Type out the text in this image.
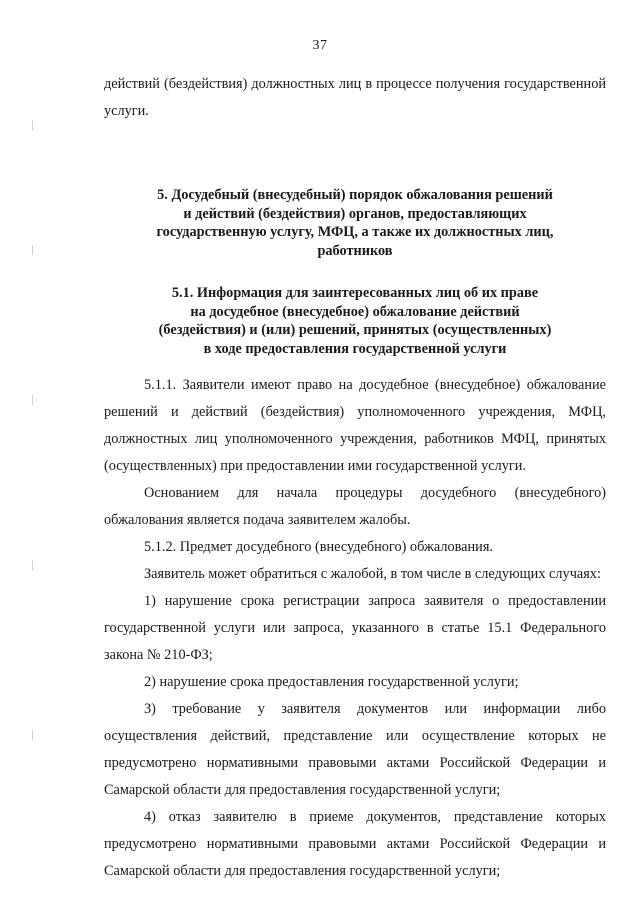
37

действий (бездействия) должностных лиц в процессе получения государственной услуги.

5. Досудебный (внесудебный) порядок обжалования решений
и действий (бездействия) органов, предоставляющих
государственную услугу, МФЦ, а также их должностных лиц,
работников
5.1. Информация для заинтересованных лиц об их праве
на досудебное (внесудебное) обжалование действий
(бездействия) и (или) решений, принятых (осуществленных)
в ходе предоставления государственной услуги

5.1.1. Заявители имеют право на досудебное (внесудебное) обжалование решений и действий (бездействия) уполномоченного учреждения, МФЦ, должностных лиц уполномоченного учреждения, работников МФЦ, принятых (осуществленных) при предоставлении ими государственной услуги.

Основанием для начала процедуры досудебного (внесудебного) обжалования является подача заявителем жалобы.

5.1.2. Предмет досудебного (внесудебного) обжалования.

Заявитель может обратиться с жалобой, в том числе в следующих случаях:

1) нарушение срока регистрации запроса заявителя о предоставлении государственной услуги или запроса, указанного в статье 15.1 Федерального закона № 210-ФЗ;

2) нарушение срока предоставления государственной услуги;

3) требование у заявителя документов или информации либо осуществления действий, представление или осуществление которых не предусмотрено нормативными правовыми актами Российской Федерации и Самарской области для предоставления государственной услуги;

4) отказ заявителю в приеме документов, представление которых предусмотрено нормативными правовыми актами Российской Федерации и Самарской области для предоставления государственной услуги;
